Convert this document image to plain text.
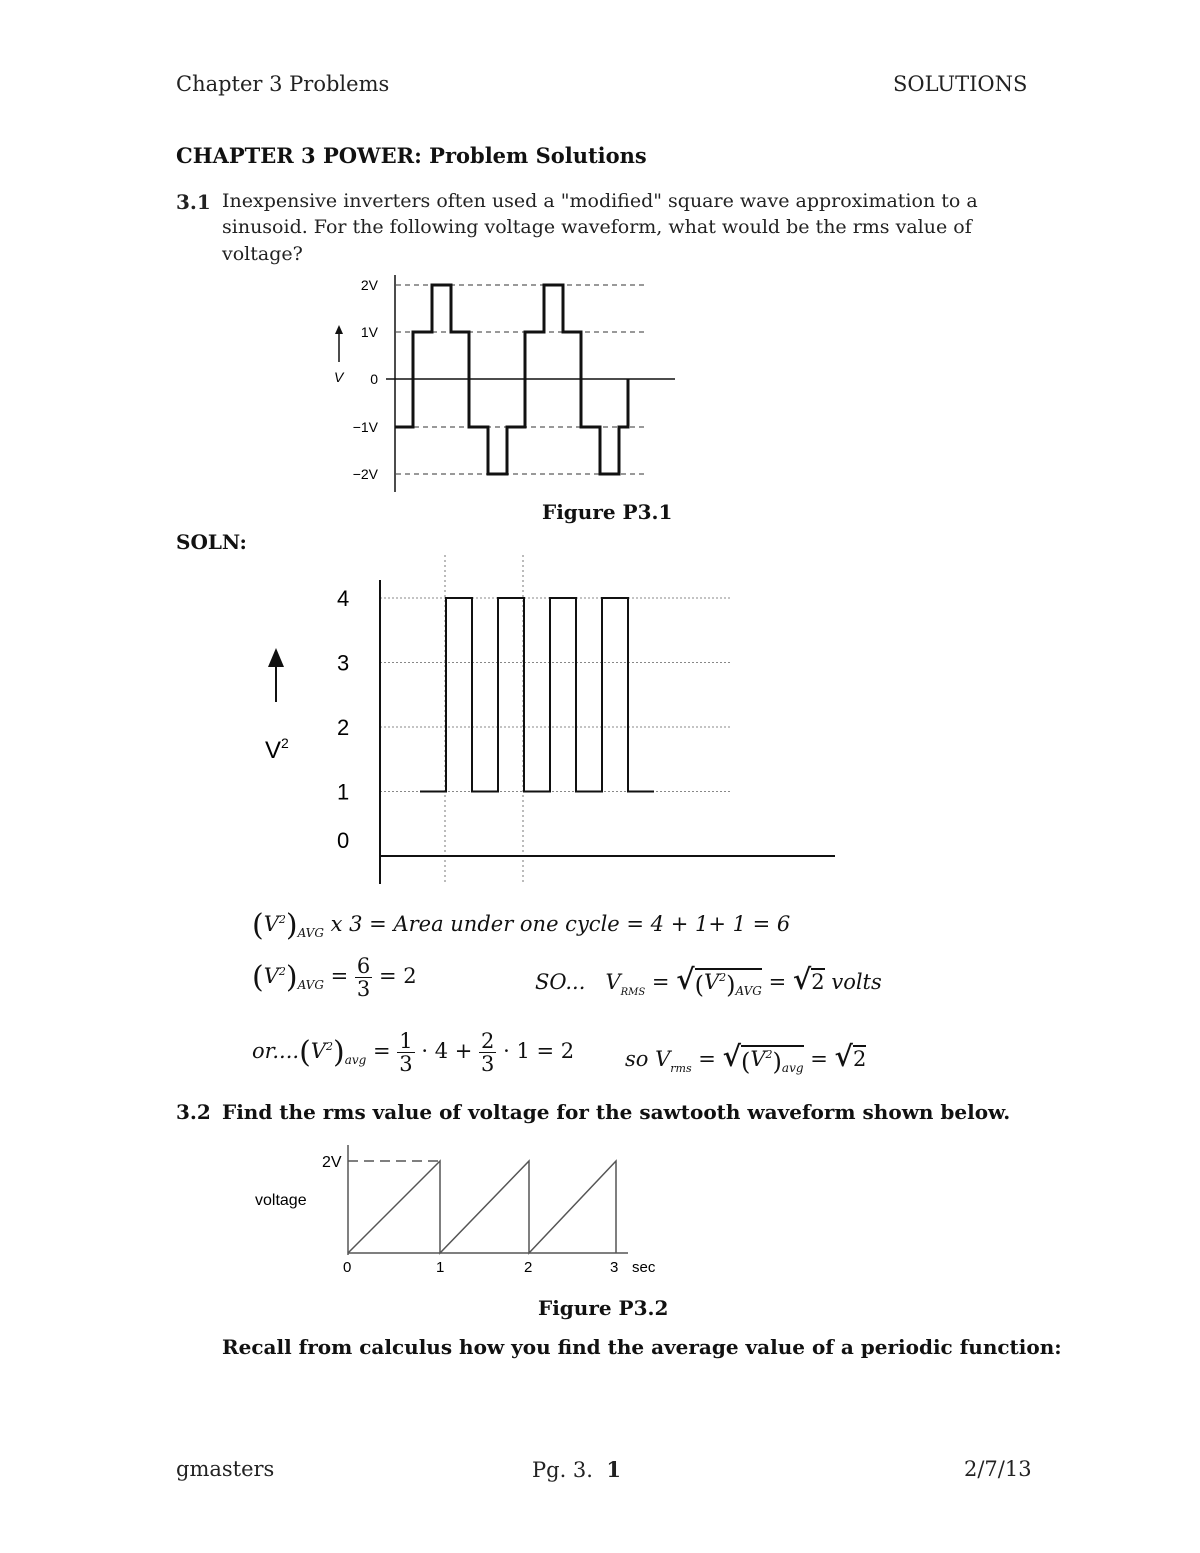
Chapter 3 Problems	SOLUTIONS
CHAPTER 3 POWER: Problem Solutions
3.1 Inexpensive inverters often used a "modified" square wave approximation to a
sinusoid. For the following voltage waveform, what would be the rms value of
voltage?
2V
1V
0
−1V
−2V
V
Figure P3.1
SOLN:
4
3
2
1
0
$V^2$
$(V^2)_{AVG}$ x 3 = Area under one cycle = 4 + 1+ 1 = 6
$(V^2)_{AVG} = \frac{6}{3} = 2$	SO... $V_{RMS} = √(V^2)_{AVG} = √2$ volts
$or....(V^2)_{avg} = \frac{1}{3} \cdot 4 + \frac{2}{3} \cdot 1 = 2$ so $V_{rms} = √(V^2)_{avg} = √2$
3.2 Find the rms value of voltage for the sawtooth waveform shown below.
2V
voltage
0	1	2	3 sec
Figure P3.2
Recall from calculus how you find the average value of a periodic function:
gmasters	Pg. 3. 1	2/7/13
